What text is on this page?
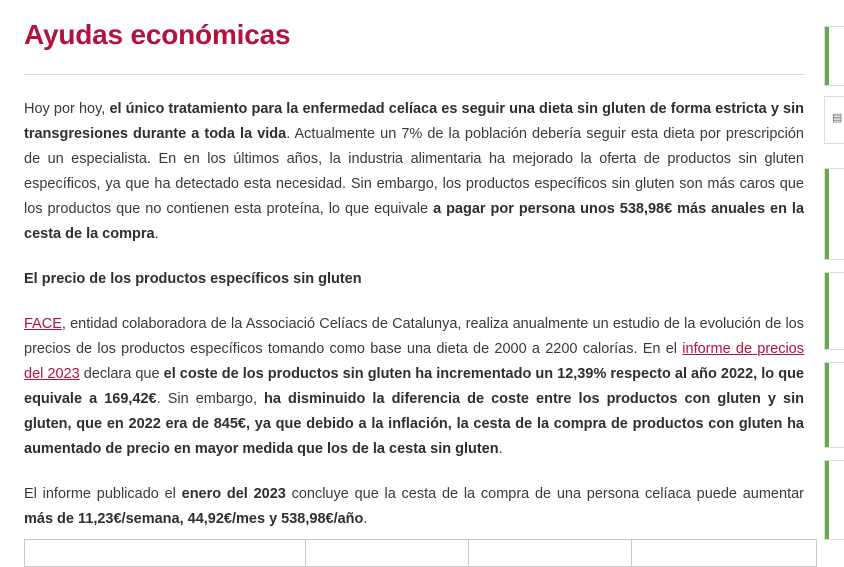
Ayudas económicas

Hoy por hoy, el único tratamiento para la enfermedad celíaca es seguir una dieta sin gluten de forma estricta y sin transgresiones durante a toda la vida. Actualmente un 7% de la población debería seguir esta dieta por prescripción de un especialista. En en los últimos años, la industria alimentaria ha mejorado la oferta de productos sin gluten específicos, ya que ha detectado esta necesidad. Sin embargo, los productos específicos sin gluten son más caros que los productos que no contienen esta proteína, lo que equivale a pagar por persona unos 538,98€ más anuales en la cesta de la compra.

El precio de los productos específicos sin gluten

FACE, entidad colaboradora de la Associació Celíacs de Catalunya, realiza anualmente un estudio de la evolución de los precios de los productos específicos tomando como base una dieta de 2000 a 2200 calorías. En el informe de precios del 2023 declara que el coste de los productos sin gluten ha incrementado un 12,39% respecto al año 2022, lo que equivale a 169,42€. Sin embargo, ha disminuido la diferencia de coste entre los productos con gluten y sin gluten, que en 2022 era de 845€, ya que debido a la inflación, la cesta de la compra de productos con gluten ha aumentado de precio en mayor medida que los de la cesta sin gluten.

El informe publicado el enero del 2023 concluye que la cesta de la compra de una persona celíaca puede aumentar más de 11,23€/semana, 44,92€/mes y 538,98€/año.

▤
